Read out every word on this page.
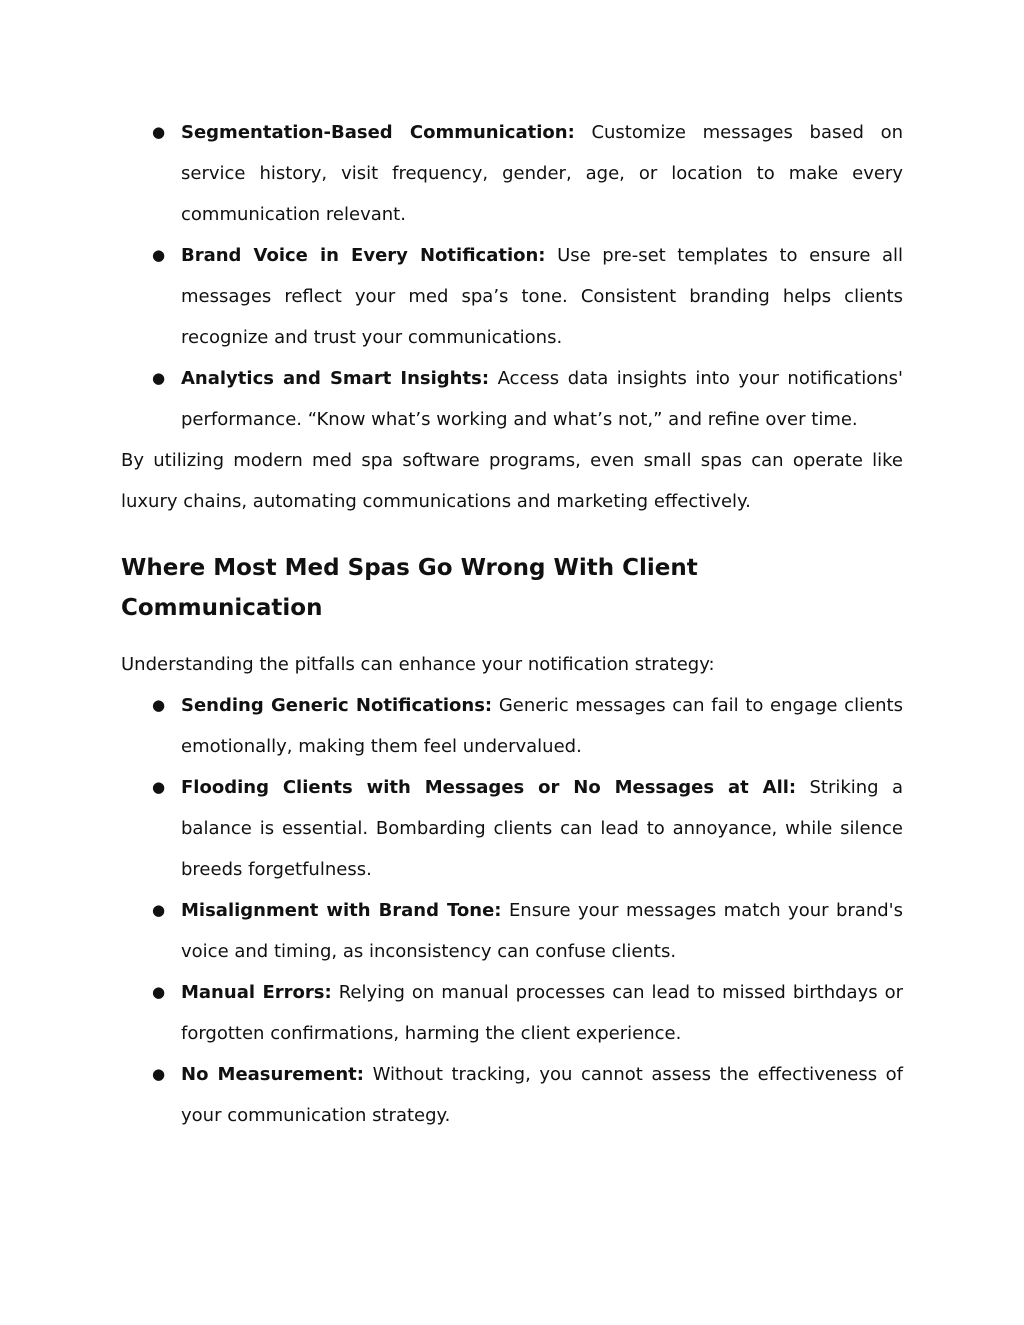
● Segmentation-Based Communication: Customize messages based on service history, visit frequency, gender, age, or location to make every communication relevant.
● Brand Voice in Every Notification: Use pre-set templates to ensure all messages reflect your med spa’s tone. Consistent branding helps clients recognize and trust your communications.
● Analytics and Smart Insights: Access data insights into your notifications' performance. “Know what’s working and what’s not,” and refine over time.

By utilizing modern med spa software programs, even small spas can operate like luxury chains, automating communications and marketing effectively.

Where Most Med Spas Go Wrong With Client Communication

Understanding the pitfalls can enhance your notification strategy:

● Sending Generic Notifications: Generic messages can fail to engage clients emotionally, making them feel undervalued.
● Flooding Clients with Messages or No Messages at All: Striking a balance is essential. Bombarding clients can lead to annoyance, while silence breeds forgetfulness.
● Misalignment with Brand Tone: Ensure your messages match your brand's voice and timing, as inconsistency can confuse clients.
● Manual Errors: Relying on manual processes can lead to missed birthdays or forgotten confirmations, harming the client experience.
● No Measurement: Without tracking, you cannot assess the effectiveness of your communication strategy.
